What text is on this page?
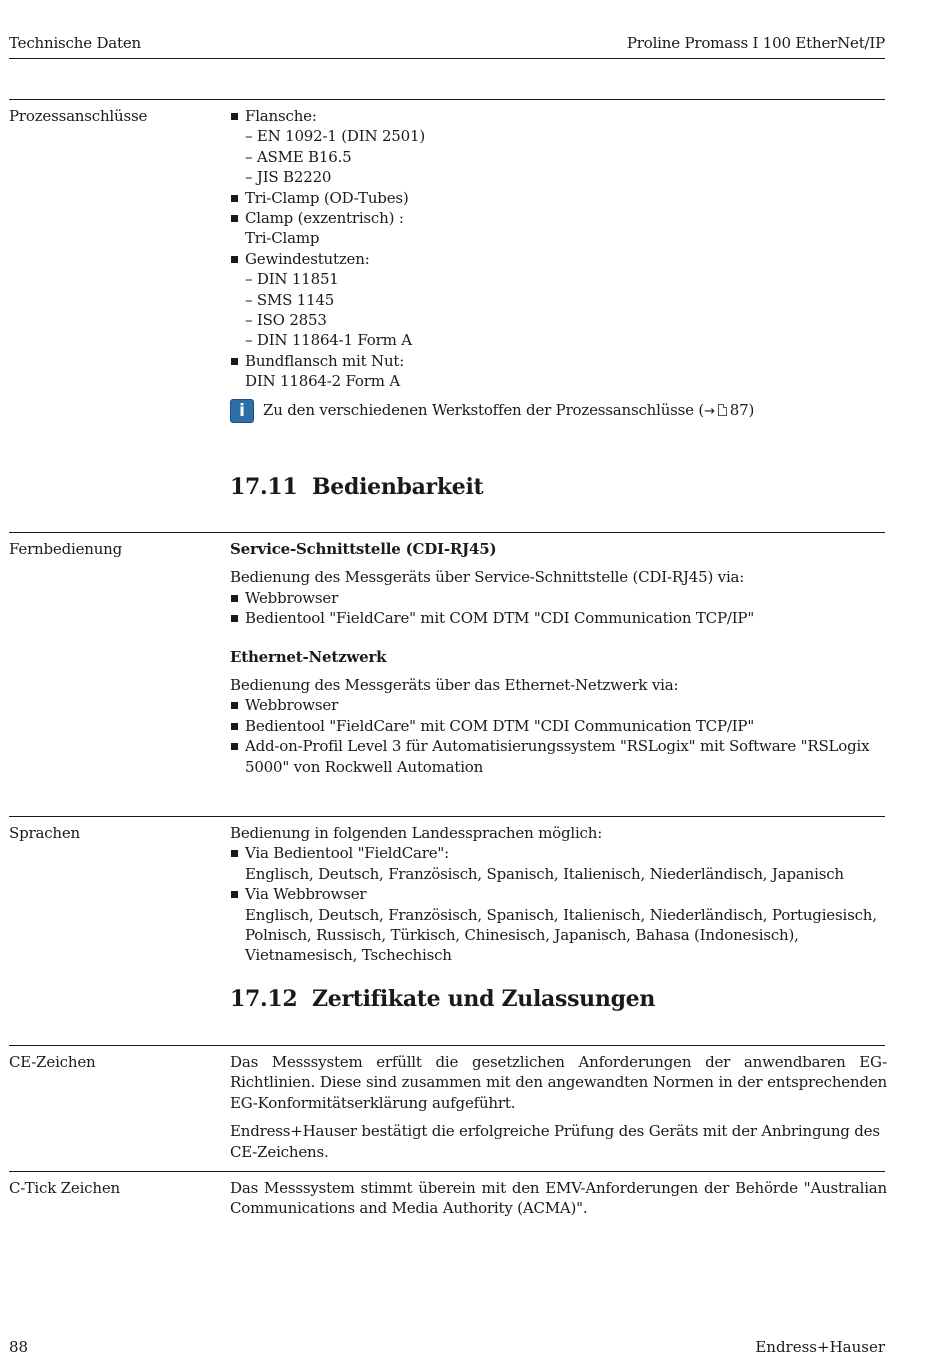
Technische Daten	Proline Promass I 100 EtherNet/IP
Prozessanschlüsse	Flansche:
– EN 1092-1 (DIN 2501)
– ASME B16.5
– JIS B2220
Tri-Clamp (OD-Tubes)
Clamp (exzentrisch) :
Tri-Clamp
Gewindestutzen:
– DIN 11851
– SMS 1145
– ISO 2853
– DIN 11864-1 Form A
Bundflansch mit Nut:
DIN 11864-2 Form A
i	Zu den verschiedenen Werkstoffen der Prozessanschlüsse (→ 87)
17.11 Bedienbarkeit
Fernbedienung	Service-Schnittstelle (CDI-RJ45)
Bedienung des Messgeräts über Service-Schnittstelle (CDI-RJ45) via:
Webbrowser
Bedientool "FieldCare" mit COM DTM "CDI Communication TCP/IP"
Ethernet-Netzwerk
Bedienung des Messgeräts über das Ethernet-Netzwerk via:
Webbrowser
Bedientool "FieldCare" mit COM DTM "CDI Communication TCP/IP"
Add-on-Profil Level 3 für Automatisierungssystem "RSLogix" mit Software "RSLogix 5000" von Rockwell Automation
Sprachen	Bedienung in folgenden Landessprachen möglich:
Via Bedientool "FieldCare":
Englisch, Deutsch, Französisch, Spanisch, Italienisch, Niederländisch, Japanisch
Via Webbrowser
Englisch, Deutsch, Französisch, Spanisch, Italienisch, Niederländisch, Portugiesisch, Polnisch, Russisch, Türkisch, Chinesisch, Japanisch, Bahasa (Indonesisch), Vietnamesisch, Tschechisch
17.12 Zertifikate und Zulassungen
CE-Zeichen	Das Messsystem erfüllt die gesetzlichen Anforderungen der anwendbaren EG-Richtlinien. Diese sind zusammen mit den angewandten Normen in der entsprechenden EG-Konformitätserklärung aufgeführt.
Endress+Hauser bestätigt die erfolgreiche Prüfung des Geräts mit der Anbringung des CE-Zeichens.
C-Tick Zeichen	Das Messsystem stimmt überein mit den EMV-Anforderungen der Behörde "Australian Communications and Media Authority (ACMA)".
88	Endress+Hauser
